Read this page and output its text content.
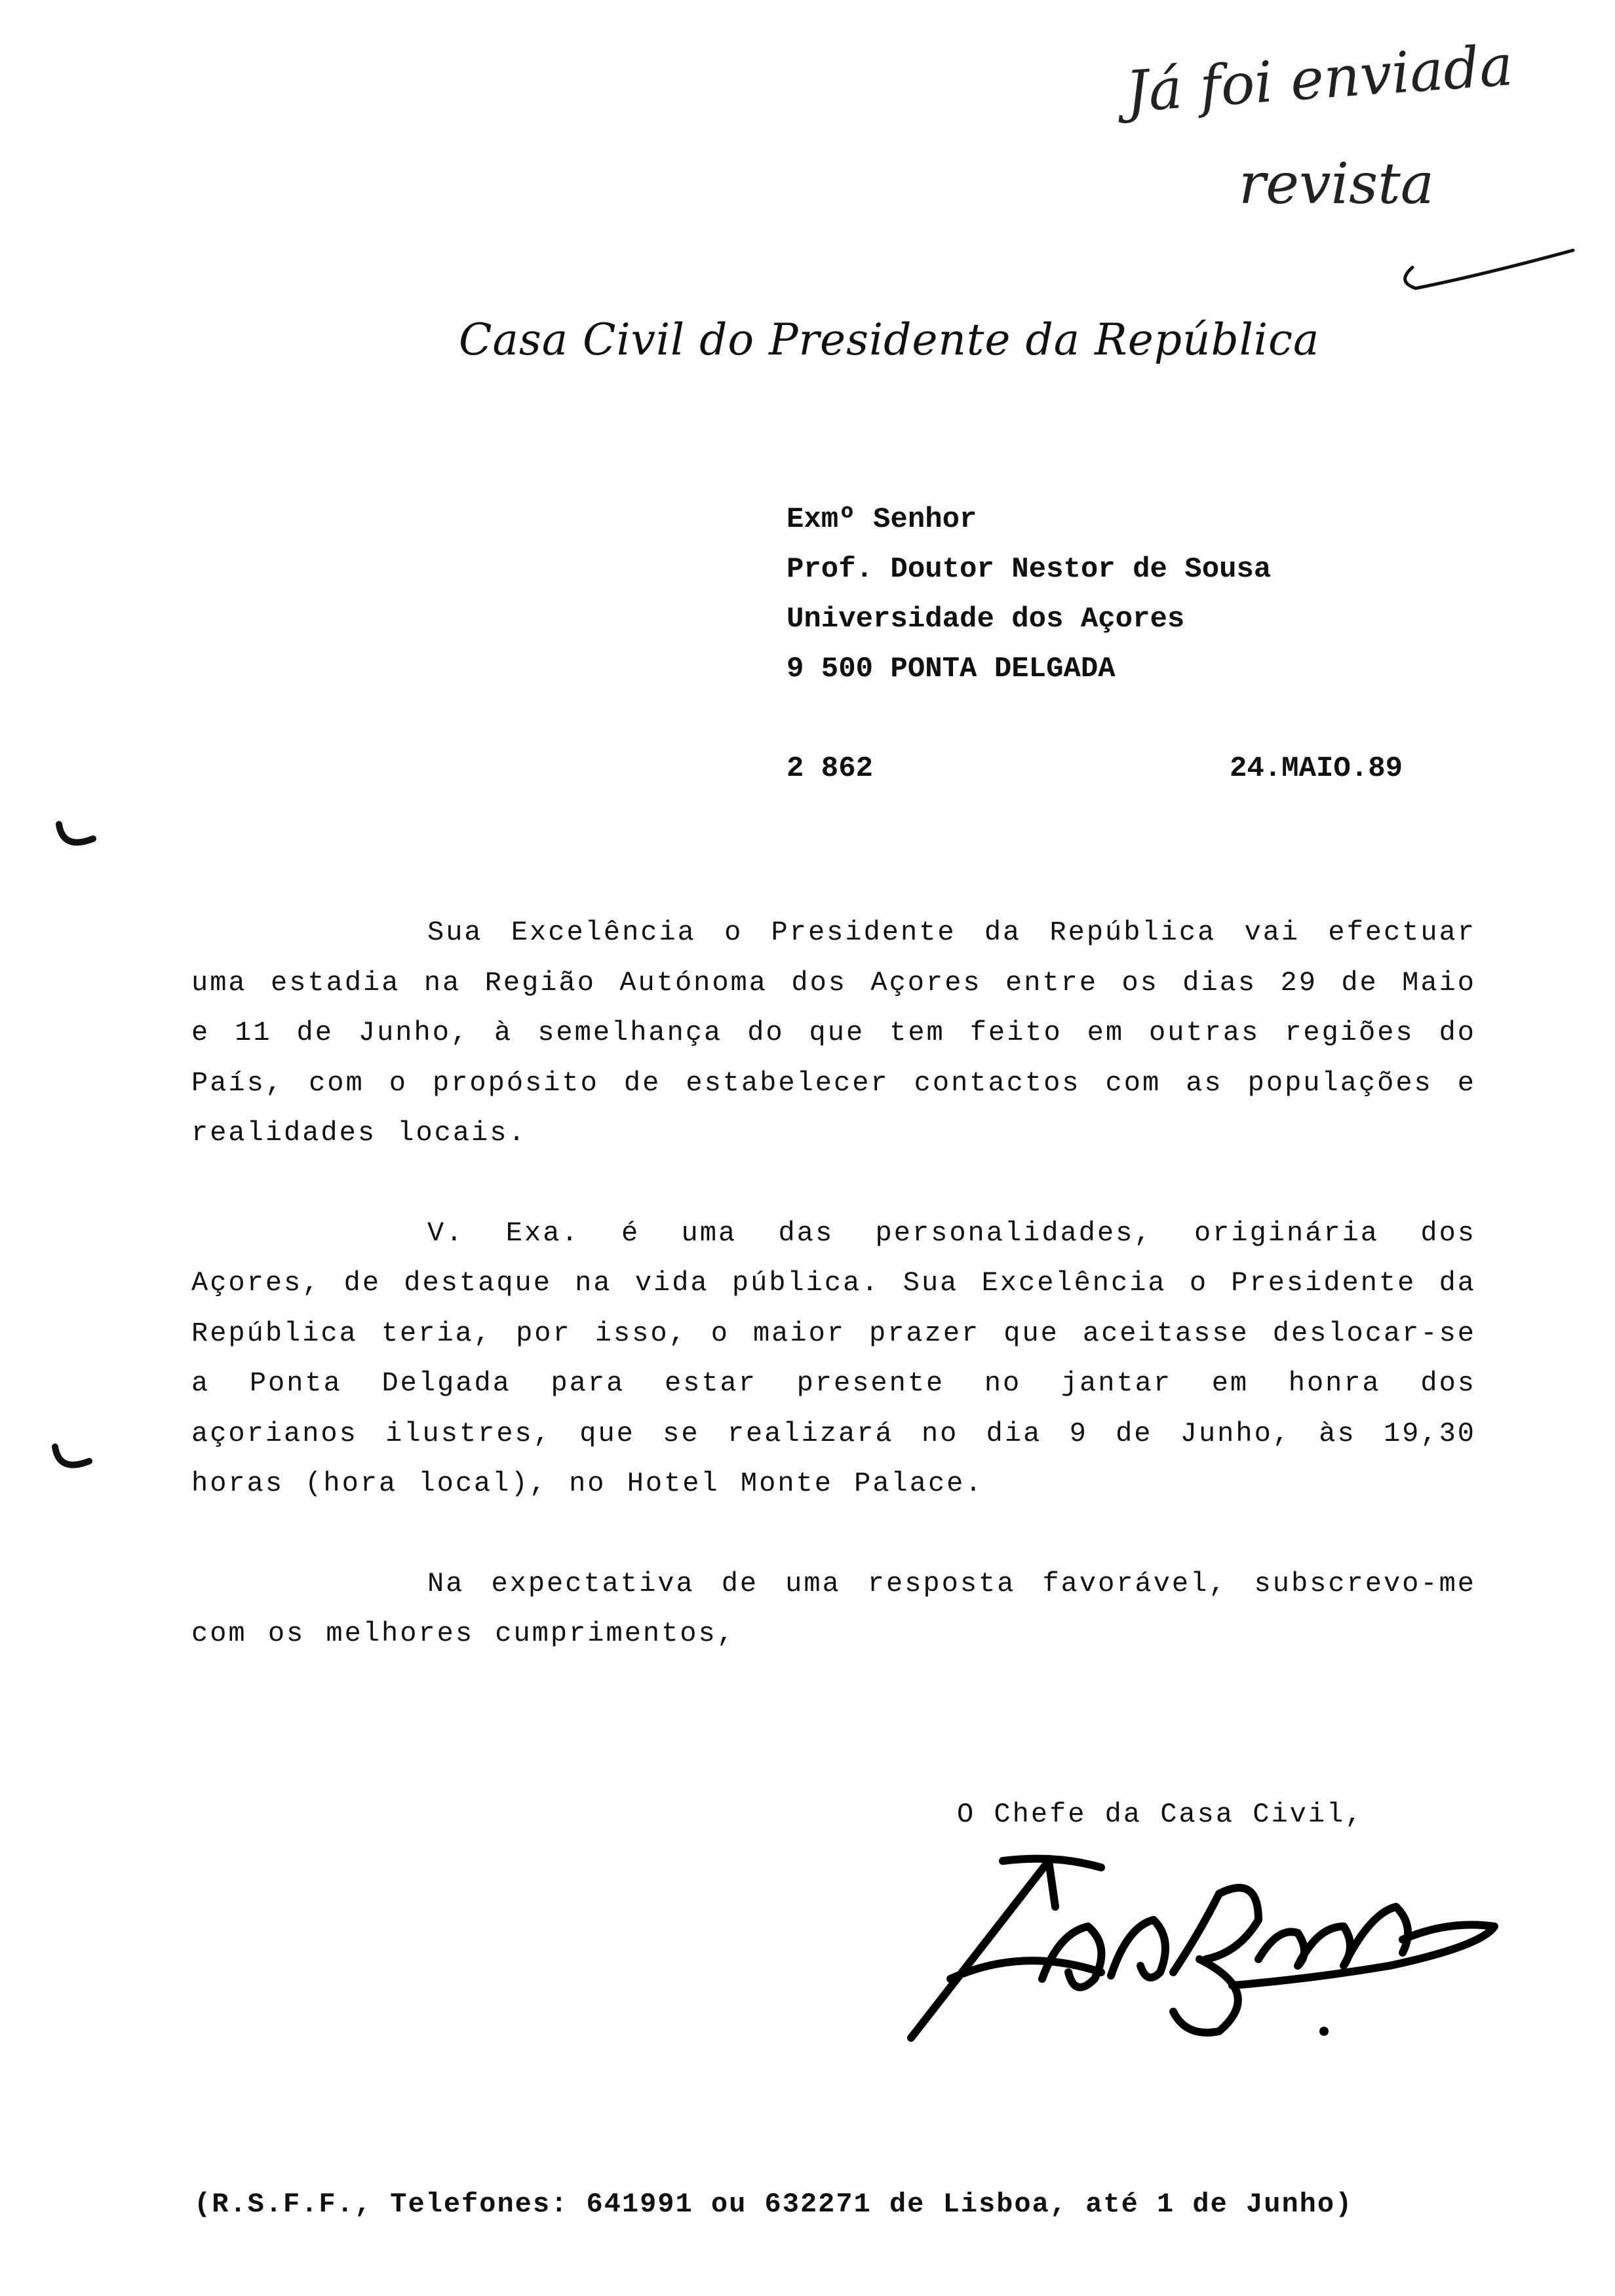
Já foi enviada
revista
Casa Civil do Presidente da República
Exmº Senhor
Prof. Doutor Nestor de Sousa
Universidade dos Açores
9 500 PONTA DELGADA
2 862	24.MAIO.89

Sua Excelência o Presidente da República vai efectuar uma estadia na Região Autónoma dos Açores entre os dias 29 de Maio e 11 de Junho, à semelhança do que tem feito em outras regiões do País, com o propósito de estabelecer contactos com as populações e realidades locais.

V. Exa. é uma das personalidades, originária dos Açores, de destaque na vida pública. Sua Excelência o Presidente da República teria, por isso, o maior prazer que aceitasse deslocar-se a Ponta Delgada para estar presente no jantar em honra dos açorianos ilustres, que se realizará no dia 9 de Junho, às 19,30 horas (hora local), no Hotel Monte Palace.

Na expectativa de uma resposta favorável, subscrevo-me com os melhores cumprimentos,

O Chefe da Casa Civil,
(R.S.F.F., Telefones: 641991 ou 632271 de Lisboa, até 1 de Junho)
